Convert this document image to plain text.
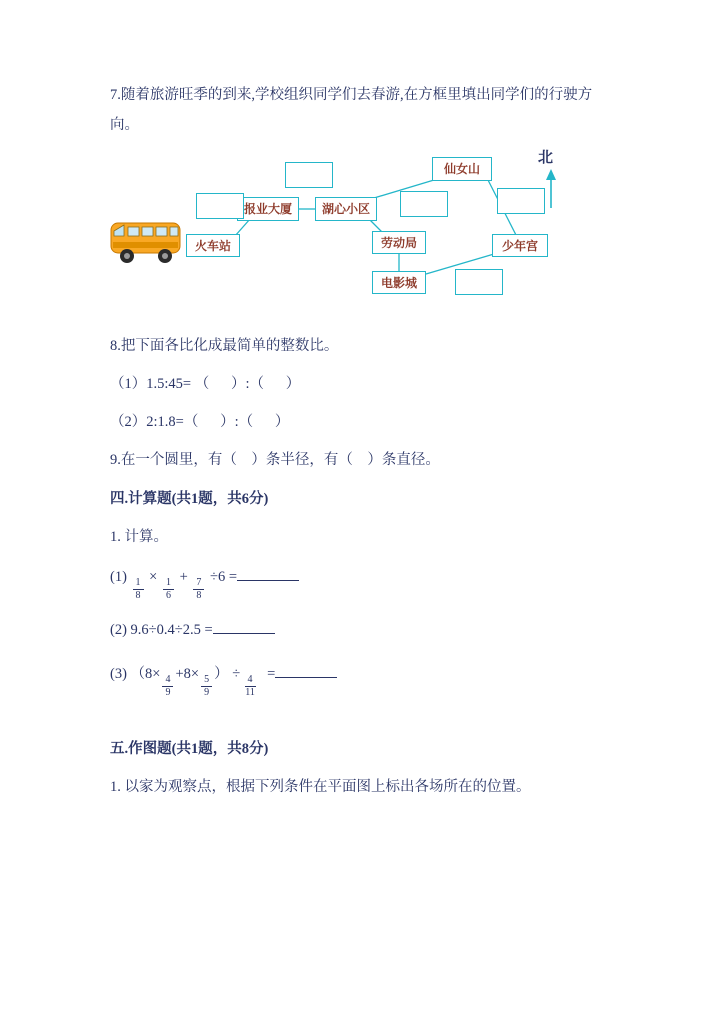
7.随着旅游旺季的到来,学校组织同学们去春游,在方框里填出同学们的行驶方
向。
北
仙女山
报业大厦	湖心小区
火车站	劳动局	少年宫
电影城
8.把下面各比化成最简单的整数比。
（1）1.5:45= （      ）:（      ）
（2）2:1.8=（      ）:（      ）
9.在一个圆里，有（    ）条半径，有（    ）条直径。
四.计算题(共1题，共6分)
1. 计算。
$(1) \frac{1}{8} \times \frac{1}{6} + \frac{7}{8} \div 6$ =
(2) 9.6÷0.4÷2.5 =
(3) （$8\times \frac{4}{9} +8\times \frac{5}{9}$ ） ÷ $\frac{4}{11}$ =
五.作图题(共1题，共8分)
1. 以家为观察点，根据下列条件在平面图上标出各场所在的位置。
